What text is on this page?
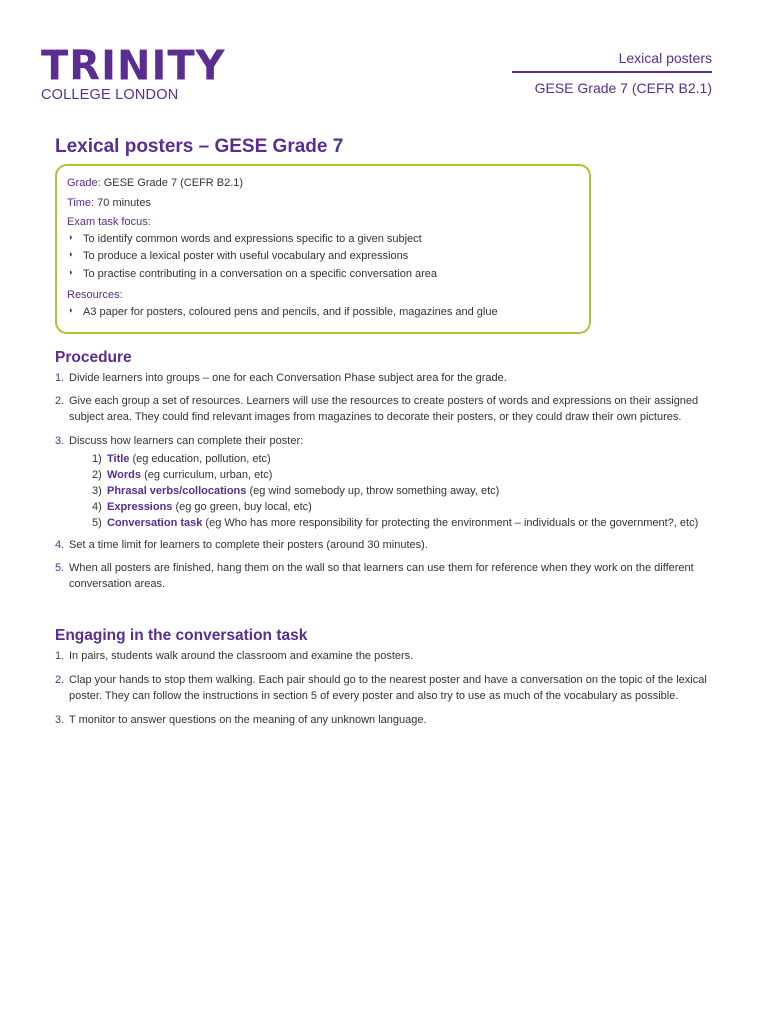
TRINITY
COLLEGE LONDON
Lexical posters
GESE Grade 7 (CEFR B2.1)
Lexical posters – GESE Grade 7
Grade: GESE Grade 7 (CEFR B2.1)
Time: 70 minutes
Exam task focus:
◗ To identify common words and expressions specific to a given subject
◗ To produce a lexical poster with useful vocabulary and expressions
◗ To practise contributing in a conversation on a specific conversation area
Resources:
◗ A3 paper for posters, coloured pens and pencils, and if possible, magazines and glue
Procedure
1. Divide learners into groups – one for each Conversation Phase subject area for the grade.
2. Give each group a set of resources. Learners will use the resources to create posters of words and expressions on their assigned subject area. They could find relevant images from magazines to decorate their posters, or they could draw their own pictures.
3. Discuss how learners can complete their poster:
1) Title (eg education, pollution, etc)
2) Words (eg curriculum, urban, etc)
3) Phrasal verbs/collocations (eg wind somebody up, throw something away, etc)
4) Expressions (eg go green, buy local, etc)
5) Conversation task (eg Who has more responsibility for protecting the environment – individuals or the government?, etc)
4. Set a time limit for learners to complete their posters (around 30 minutes).
5. When all posters are finished, hang them on the wall so that learners can use them for reference when they work on the different conversation areas.
Engaging in the conversation task
1. In pairs, students walk around the classroom and examine the posters.
2. Clap your hands to stop them walking. Each pair should go to the nearest poster and have a conversation on the topic of the lexical poster. They can follow the instructions in section 5 of every poster and also try to use as much of the vocabulary as possible.
3. T monitor to answer questions on the meaning of any unknown language.
